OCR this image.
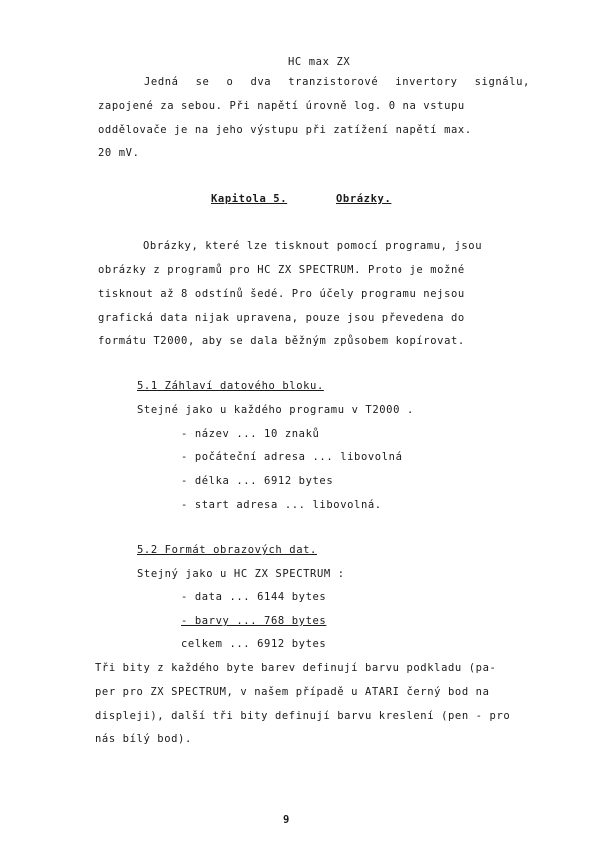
HC max ZX
Jedná se o dva tranzistorové invertory signálu,
zapojené za sebou. Při napětí úrovně log. 0 na vstupu
oddělovače je na jeho výstupu při zatížení napětí max.
20 mV.
Kapitola 5.	Obrázky.
Obrázky, které lze tisknout pomocí programu, jsou
obrázky z programů pro HC ZX SPECTRUM. Proto je možné
tisknout až 8 odstínů šedé. Pro účely programu nejsou
grafická data nijak upravena, pouze jsou převedena do
formátu T2000, aby se dala běžným způsobem kopírovat.
5.1 Záhlaví datového bloku.
Stejné jako u každého programu v T2000 .
- název ... 10 znaků
- počáteční adresa ... libovolná
- délka ... 6912 bytes
- start adresa ... libovolná.
5.2 Formát obrazových dat.
Stejný jako u HC ZX SPECTRUM :
- data ... 6144 bytes
- barvy ... 768 bytes
celkem ... 6912 bytes
Tři bity z každého byte barev definují barvu podkladu (pa-
per pro ZX SPECTRUM, v našem případě u ATARI černý bod na
displeji), další tři bity definují barvu kreslení (pen - pro
nás bílý bod).
9
